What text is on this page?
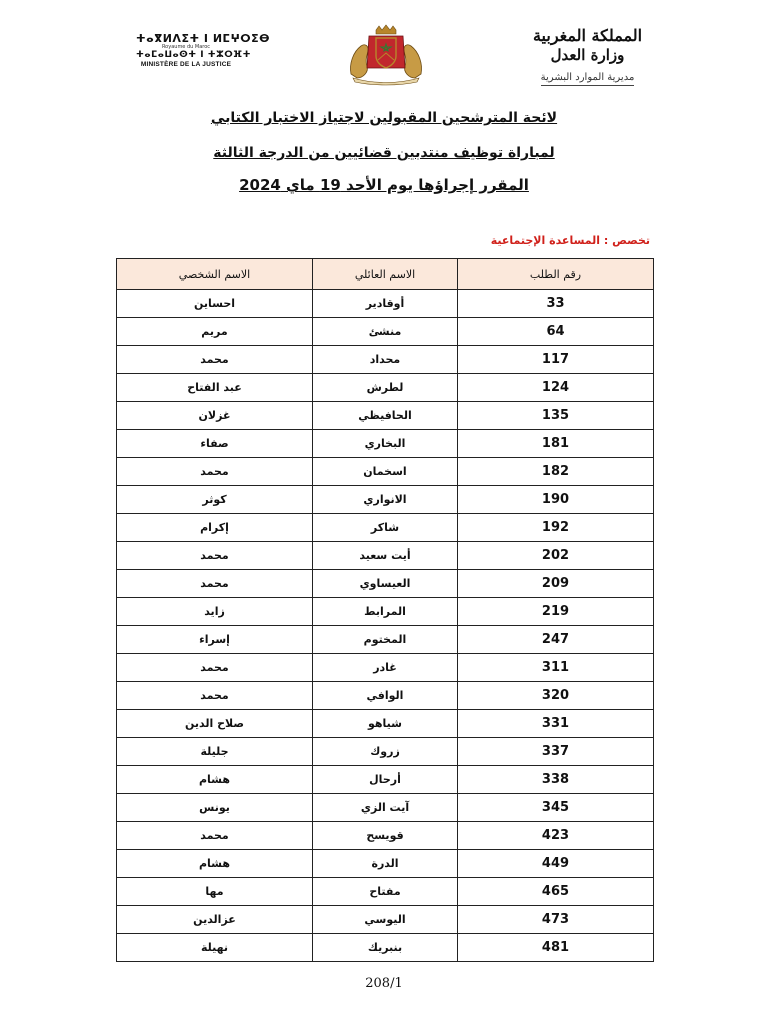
ⵜⴰⴳⵍⴷⵉⵜ ⵏ ⵍⵎⵖⵔⵉⴱ
Royaume du Maroc
ⵜⴰⵎⴰⵡⴰⵙⵜ ⵏ ⵜⵣⵔⴼⵜ
MINISTÈRE DE LA JUSTICE
المملكة المغربية
وزارة العدل
مديرية الموارد البشرية
لائحة المترشحين المقبولين لاجتياز الاختبار الكتابي
لمباراة توظيف منتدبين قضائيين من الدرجة الثالثة
المقرر إجراؤها يوم الأحد 19 ماي 2024
تخصص : المساعدة الإجتماعية
رقم الطلب	الاسم العائلي	الاسم الشخصي
33	أوقادير	احساين
64	منشئ	مريم
117	محداد	محمد
124	لطرش	عبد الفتاح
135	الحافيظي	غزلان
181	البخاري	صفاء
182	اسخمان	محمد
190	الانواري	كوثر
192	شاكر	إكرام
202	أيت سعيد	محمد
209	العيساوي	محمد
219	المرابط	زايد
247	المختوم	إسراء
311	غادر	محمد
320	الوافي	محمد
331	شياهو	صلاح الدين
337	زروك	جليلة
338	أرحال	هشام
345	آيت الزي	يونس
423	قويسح	محمد
449	الدرة	هشام
465	مفتاح	مها
473	اليوسي	عزالدين
481	بنبريك	نهيلة
208/1
